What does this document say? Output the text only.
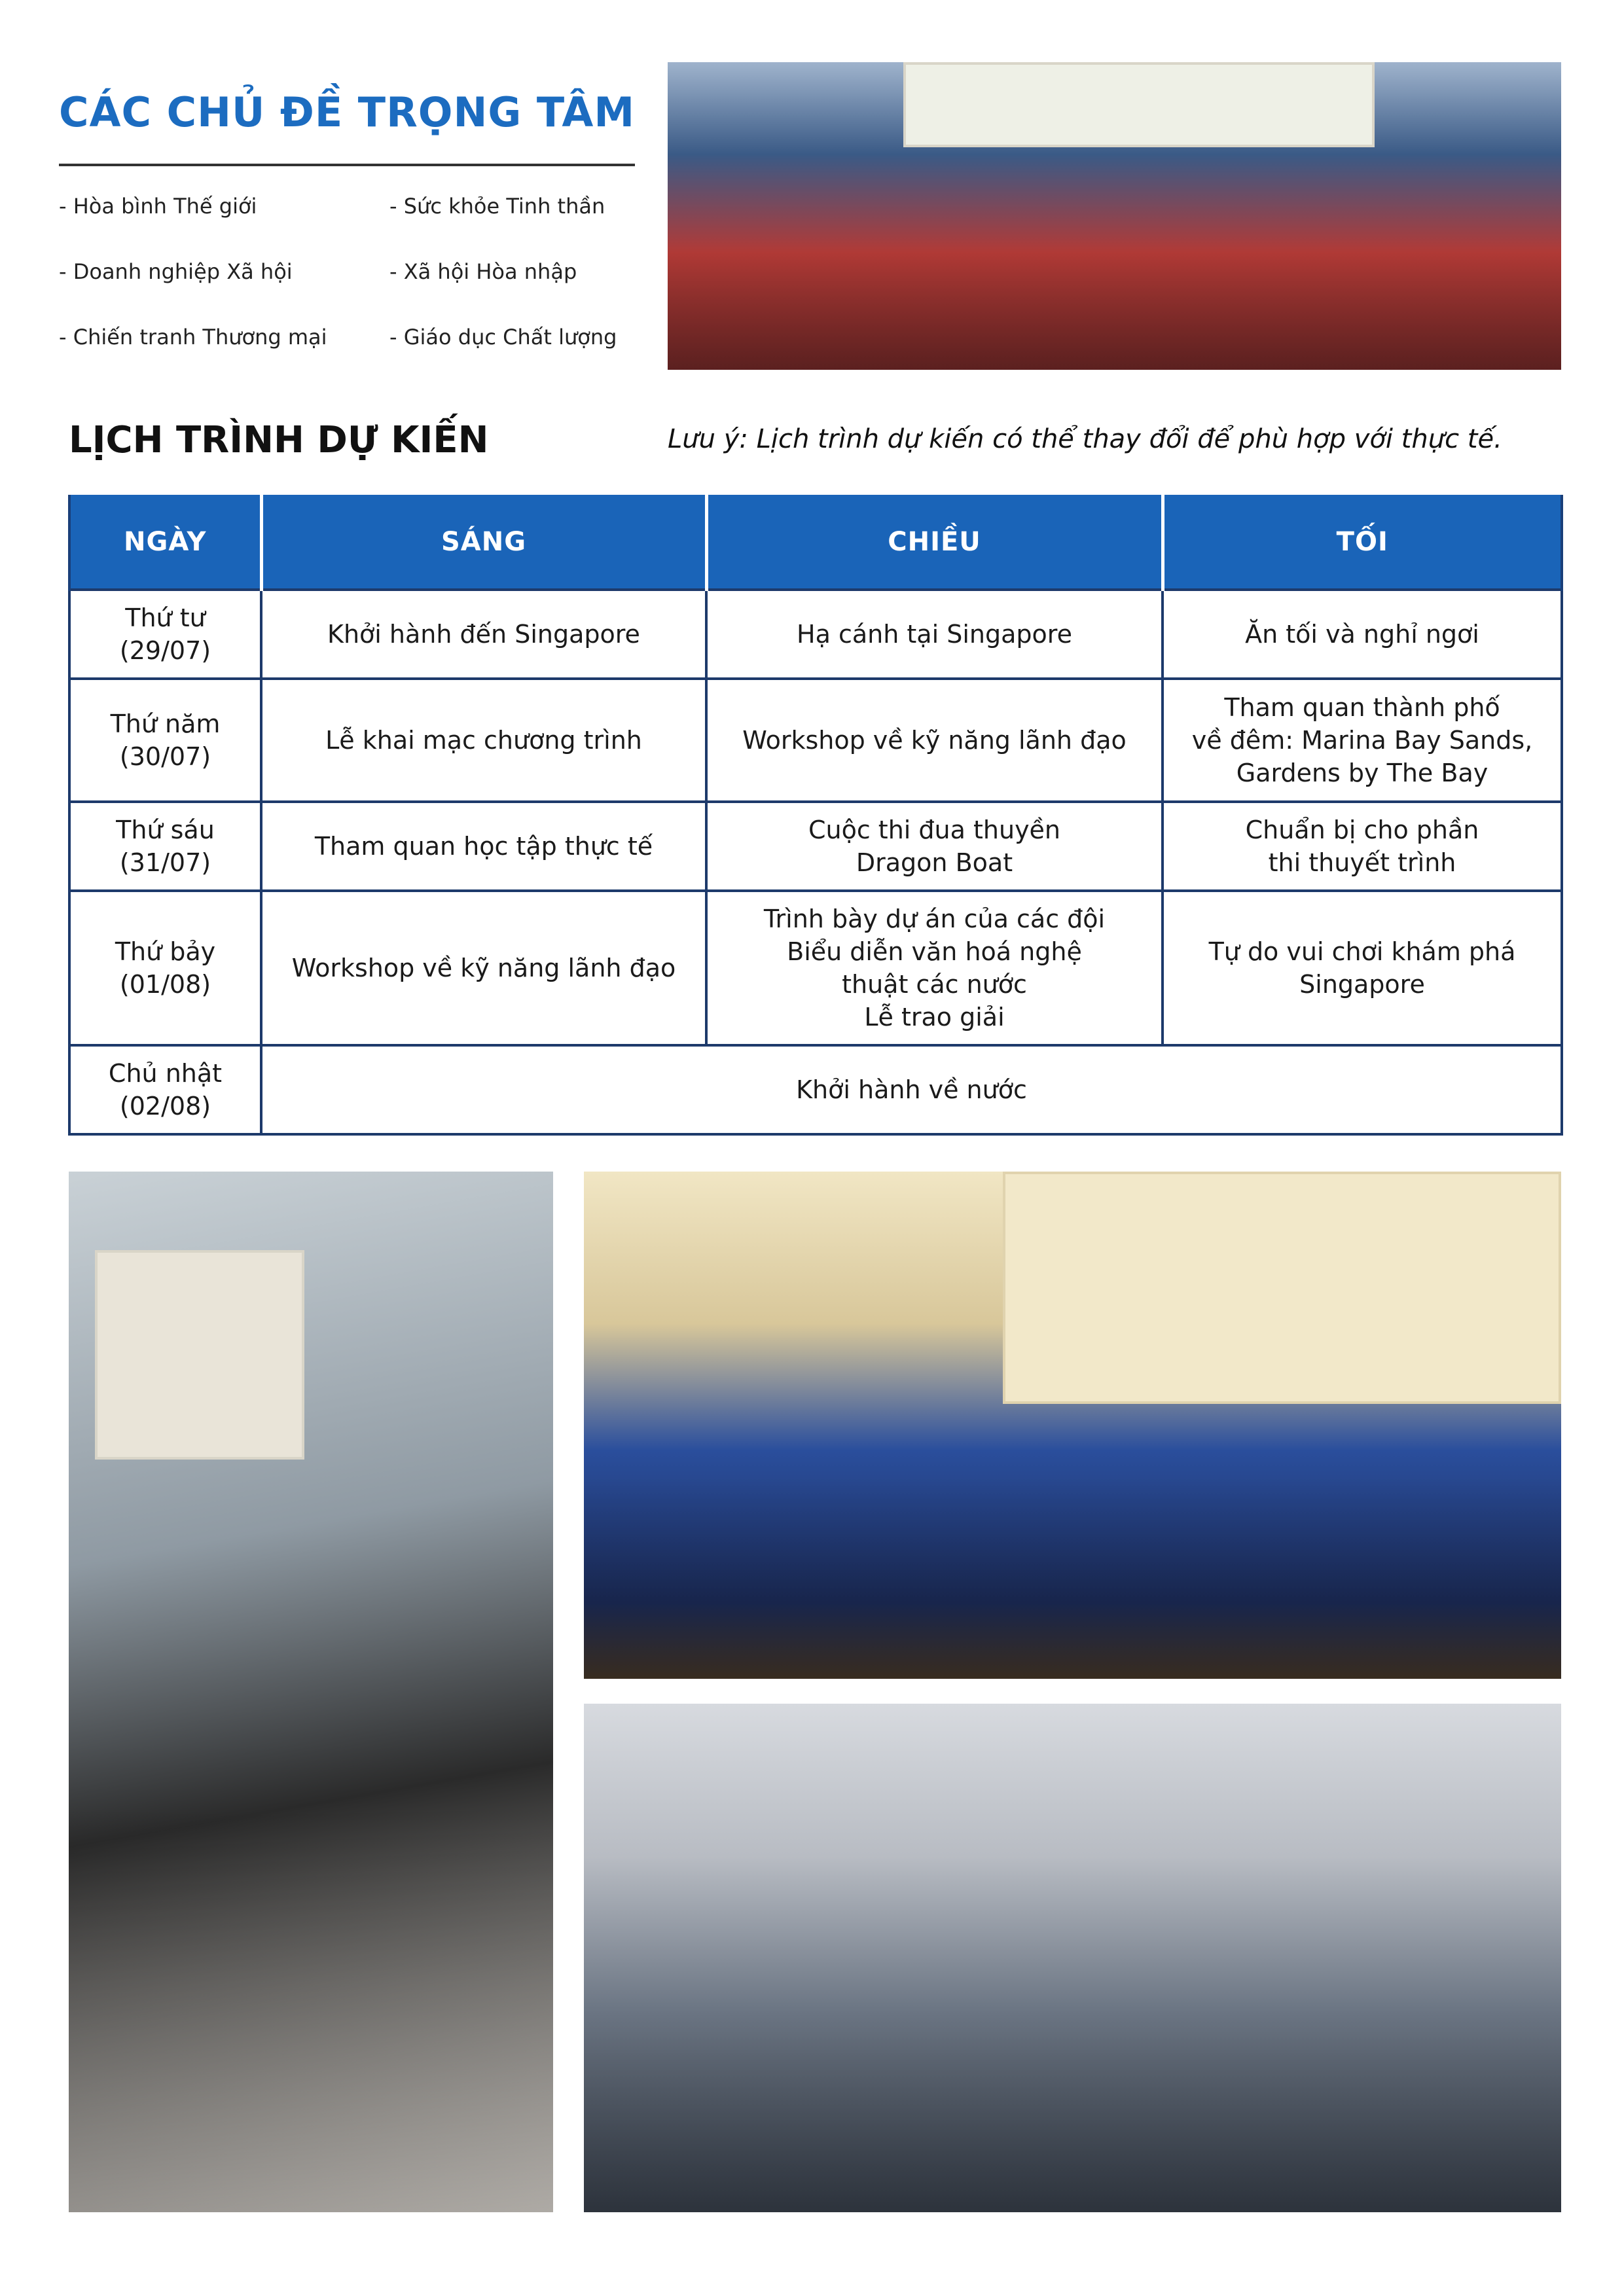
CÁC CHỦ ĐỀ TRỌNG TÂM
- Hòa bình Thế giới	- Sức khỏe Tinh thần
- Doanh nghiệp Xã hội	- Xã hội Hòa nhập
- Chiến tranh Thương mại	- Giáo dục Chất lượng
LỊCH TRÌNH DỰ KIẾN	Lưu ý: Lịch trình dự kiến có thể thay đổi để phù hợp với thực tế.
NGÀY	SÁNG	CHIỀU	TỐI

Thứ tư
(29/07)	Khởi hành đến Singapore	Hạ cánh tại Singapore	Ăn tối và nghỉ ngơi

Thứ năm
(30/07)	Lễ khai mạc chương trình	Workshop về kỹ năng lãnh đạo	Tham quan thành phố
về đêm: Marina Bay Sands,
Gardens by The Bay

Thứ sáu
(31/07)	Tham quan học tập thực tế	Cuộc thi đua thuyền
Dragon Boat	Chuẩn bị cho phần
thi thuyết trình

Thứ bảy
(01/08)	Workshop về kỹ năng lãnh đạo	Trình bày dự án của các đội
Biểu diễn văn hoá nghệ
thuật các nước
Lễ trao giải	Tự do vui chơi khám phá
Singapore

Chủ nhật
(02/08)	Khởi hành về nước		
